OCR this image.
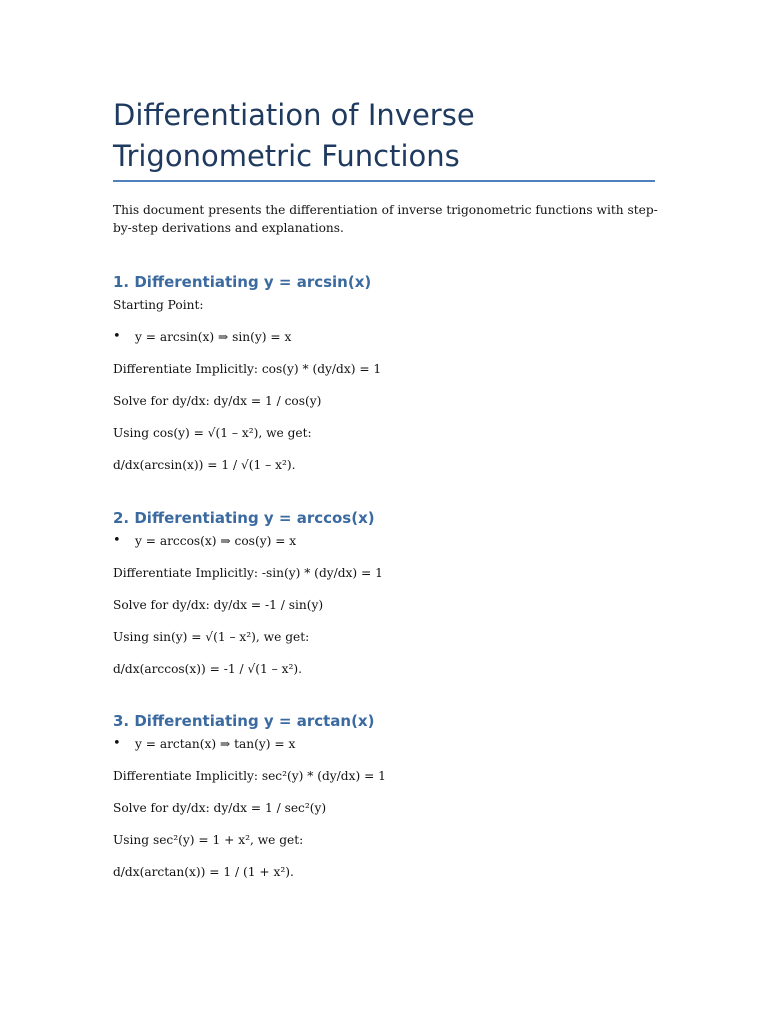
Differentiation of Inverse Trigonometric Functions

This document presents the differentiation of inverse trigonometric functions with step-by-step derivations and explanations.

1. Differentiating y = arcsin(x)

Starting Point:

• y = arcsin(x) ⇒ sin(y) = x

Differentiate Implicitly: cos(y) * (dy/dx) = 1

Solve for dy/dx: dy/dx = 1 / cos(y)

Using cos(y) = √(1 – x²), we get:

d/dx(arcsin(x)) = 1 / √(1 – x²).

2. Differentiating y = arccos(x)
• y = arccos(x) ⇒ cos(y) = x

Differentiate Implicitly: -sin(y) * (dy/dx) = 1

Solve for dy/dx: dy/dx = -1 / sin(y)

Using sin(y) = √(1 – x²), we get:

d/dx(arccos(x)) = -1 / √(1 – x²).

3. Differentiating y = arctan(x)
• y = arctan(x) ⇒ tan(y) = x

Differentiate Implicitly: sec²(y) * (dy/dx) = 1

Solve for dy/dx: dy/dx = 1 / sec²(y)

Using sec²(y) = 1 + x², we get:

d/dx(arctan(x)) = 1 / (1 + x²).
